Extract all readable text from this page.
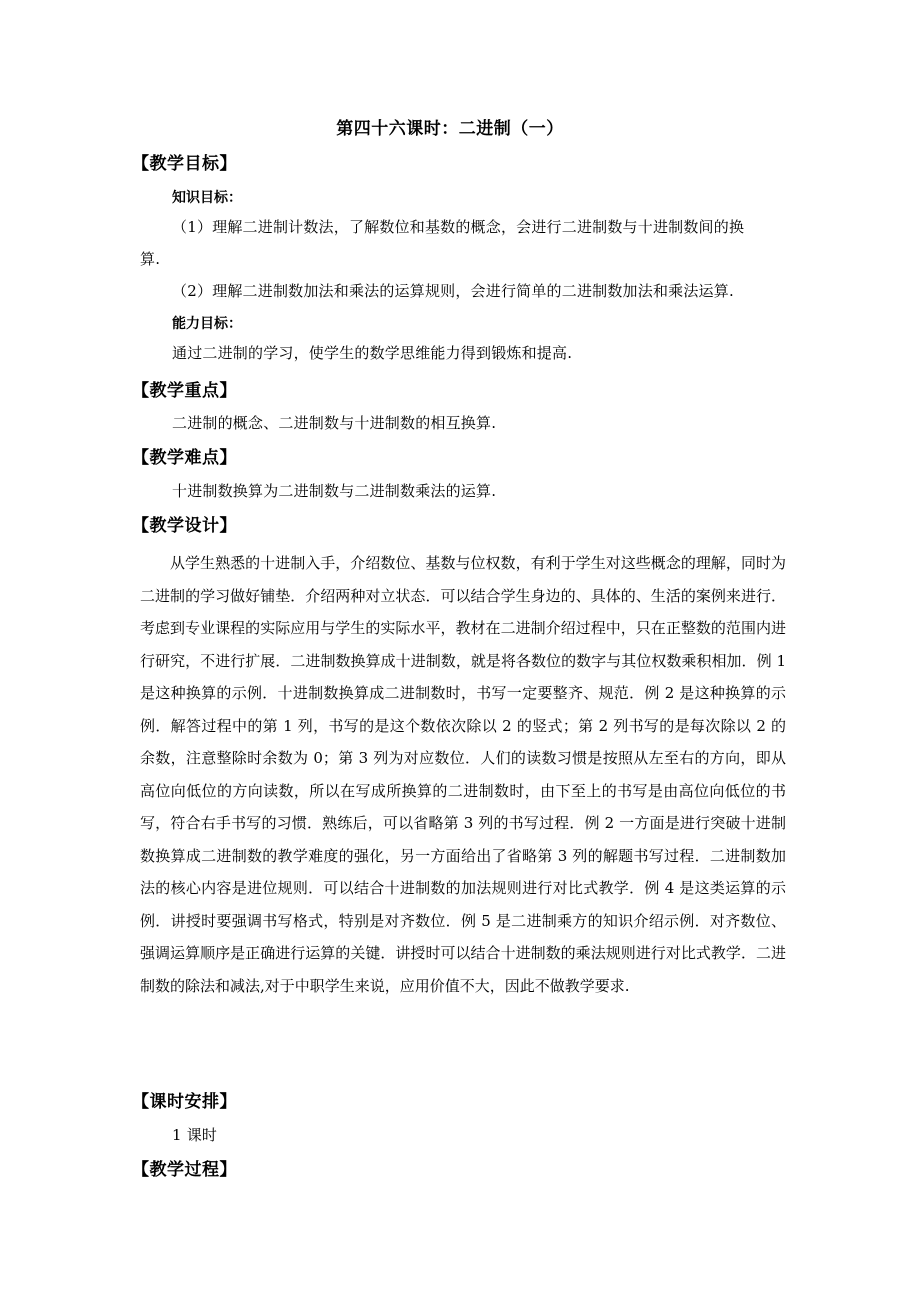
第四十六课时：二进制（一）
【教学目标】
知识目标：
（1）理解二进制计数法，了解数位和基数的概念，会进行二进制数与十进制数间的换
算.
（2）理解二进制数加法和乘法的运算规则，会进行简单的二进制数加法和乘法运算.
能力目标：
通过二进制的学习，使学生的数学思维能力得到锻炼和提高.
【教学重点】
二进制的概念、二进制数与十进制数的相互换算.
【教学难点】
十进制数换算为二进制数与二进制数乘法的运算.
【教学设计】
从学生熟悉的十进制入手，介绍数位、基数与位权数，有利于学生对这些概念的理解，同时为二进制的学习做好铺垫．介绍两种对立状态．可以结合学生身边的、具体的、生活的案例来进行．考虑到专业课程的实际应用与学生的实际水平，教材在二进制介绍过程中，只在正整数的范围内进行研究，不进行扩展．二进制数换算成十进制数，就是将各数位的数字与其位权数乘积相加．例 1 是这种换算的示例．十进制数换算成二进制数时，书写一定要整齐、规范．例 2 是这种换算的示例．解答过程中的第 1 列，书写的是这个数依次除以 2 的竖式；第 2 列书写的是每次除以 2 的余数，注意整除时余数为 0；第 3 列为对应数位．人们的读数习惯是按照从左至右的方向，即从高位向低位的方向读数，所以在写成所换算的二进制数时，由下至上的书写是由高位向低位的书写，符合右手书写的习惯．熟练后，可以省略第 3 列的书写过程．例 2 一方面是进行突破十进制数换算成二进制数的教学难度的强化，另一方面给出了省略第 3 列的解题书写过程．二进制数加法的核心内容是进位规则．可以结合十进制数的加法规则进行对比式教学．例 4 是这类运算的示例．讲授时要强调书写格式，特别是对齐数位．例 5 是二进制乘方的知识介绍示例．对齐数位、强调运算顺序是正确进行运算的关键．讲授时可以结合十进制数的乘法规则进行对比式教学．二进制数的除法和减法,对于中职学生来说，应用价值不大，因此不做教学要求.
【课时安排】
1 课时
【教学过程】
